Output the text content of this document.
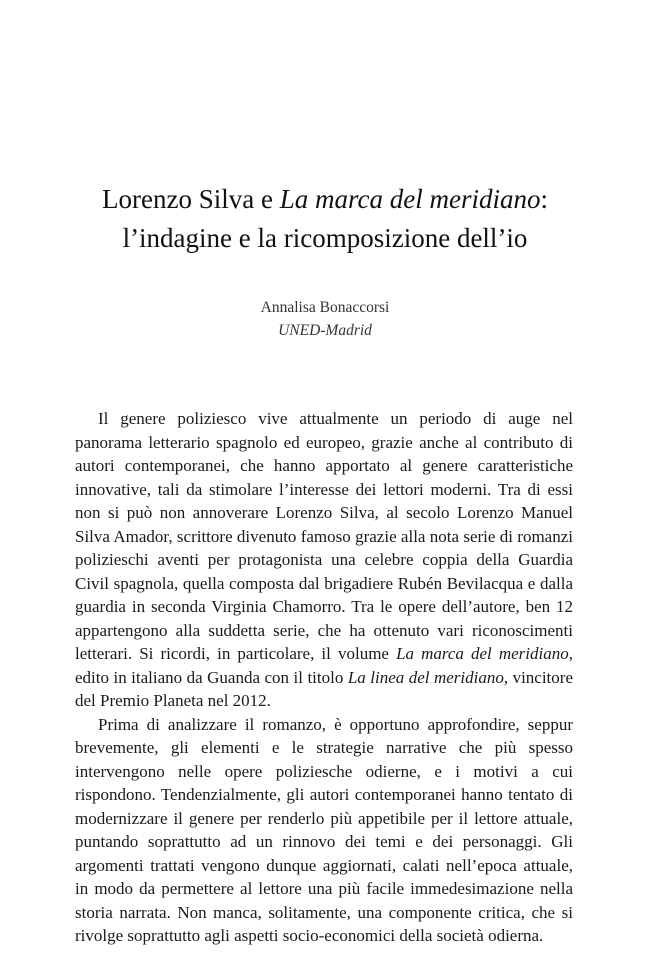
Lorenzo Silva e La marca del meridiano:
l’indagine e la ricomposizione dell’io
Annalisa Bonaccorsi
UNED-Madrid

Il genere poliziesco vive attualmente un periodo di auge nel panorama letterario spagnolo ed europeo, grazie anche al contributo di autori contemporanei, che hanno apportato al genere caratteristiche innovative, tali da stimolare l’interesse dei lettori moderni. Tra di essi non si può non annoverare Lorenzo Silva, al secolo Lorenzo Manuel Silva Amador, scrittore divenuto famoso grazie alla nota serie di romanzi polizieschi aventi per protagonista una celebre coppia della Guardia Civil spagnola, quella composta dal brigadiere Rubén Bevilacqua e dalla guardia in seconda Virginia Chamorro. Tra le opere dell’autore, ben 12 appartengono alla suddetta serie, che ha ottenuto vari riconoscimenti letterari. Si ricordi, in particolare, il volume La marca del meridiano, edito in italiano da Guanda con il titolo La linea del meridiano, vincitore del Premio Planeta nel 2012.

Prima di analizzare il romanzo, è opportuno approfondire, seppur brevemente, gli elementi e le strategie narrative che più spesso intervengono nelle opere poliziesche odierne, e i motivi a cui rispondono. Tendenzialmente, gli autori contemporanei hanno tentato di modernizzare il genere per renderlo più appetibile per il lettore attuale, puntando soprattutto ad un rinnovo dei temi e dei personaggi. Gli argomenti trattati vengono dunque aggiornati, calati nell’epoca attuale, in modo da permettere al lettore una più facile immedesimazione nella storia narrata. Non manca, solitamente, una componente critica, che si rivolge soprattutto agli aspetti socio-economici della società odierna.
